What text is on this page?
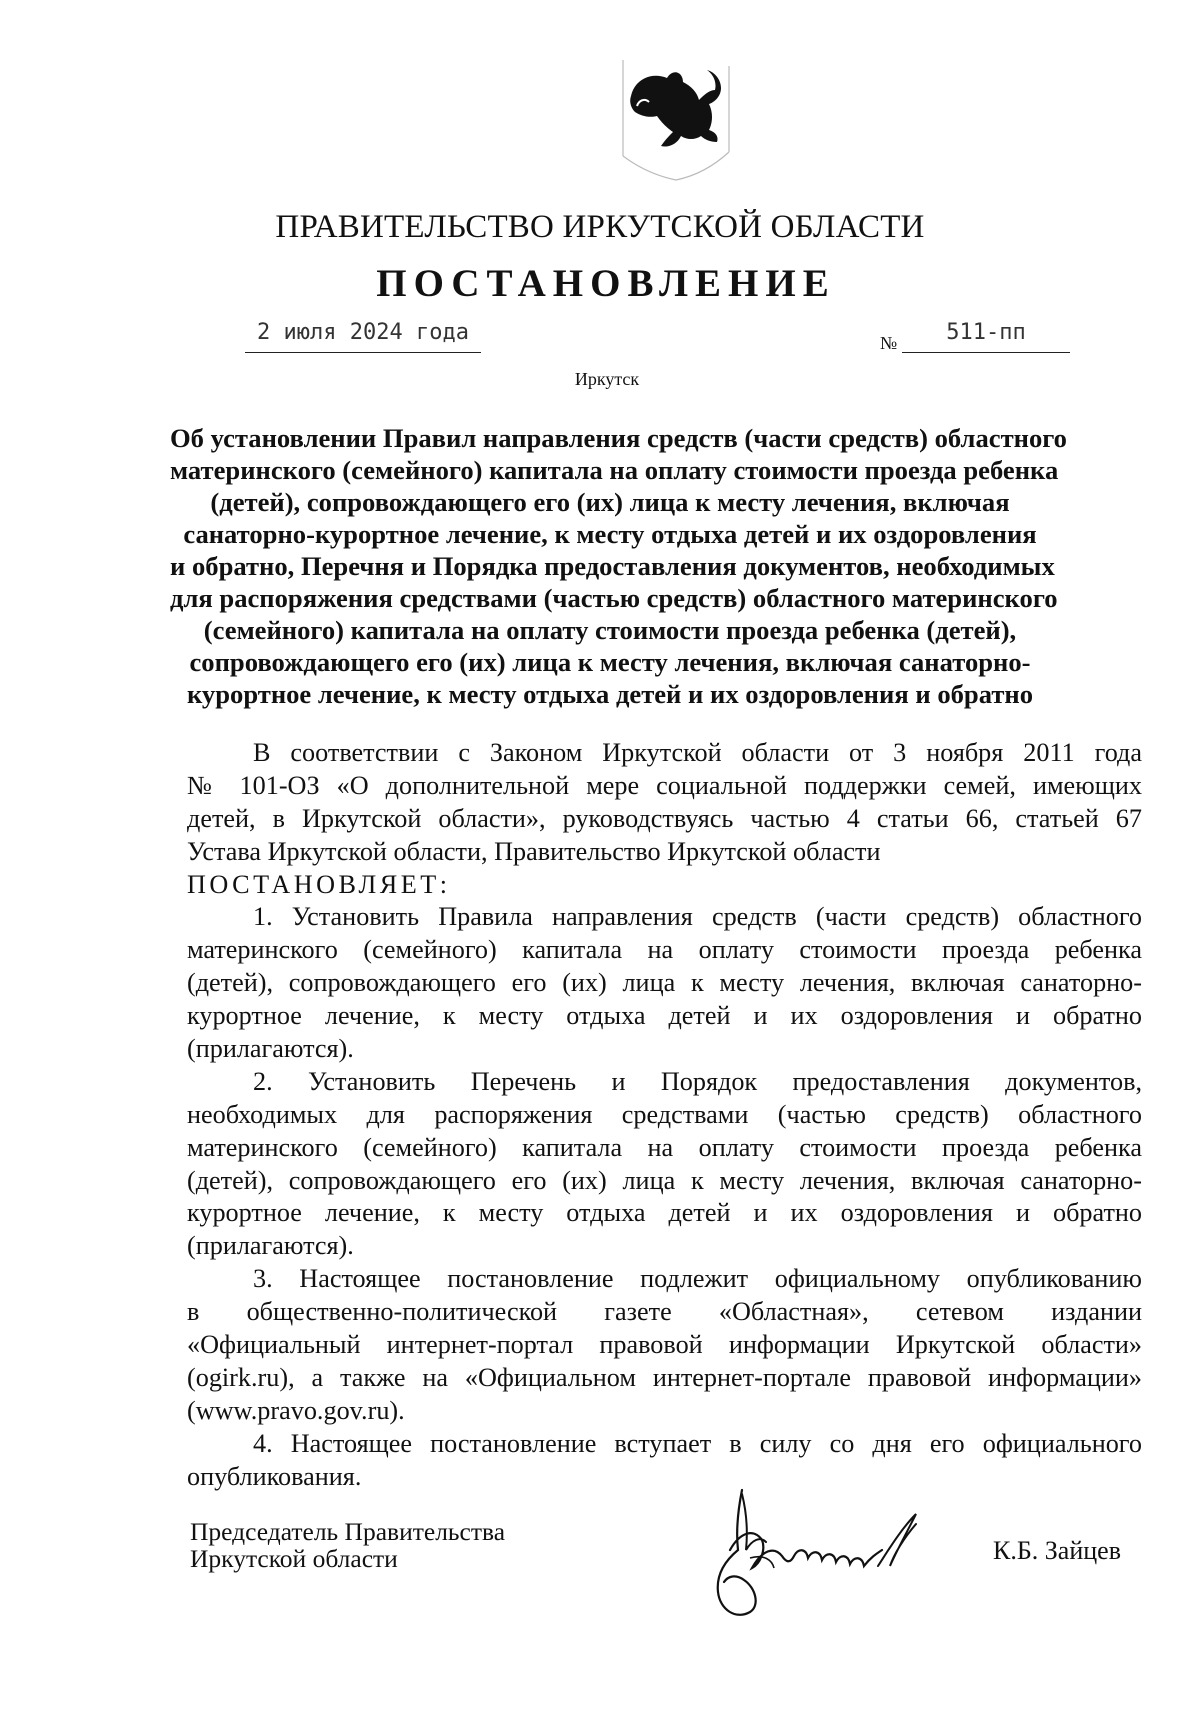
ПРАВИТЕЛЬСТВО ИРКУТСКОЙ ОБЛАСТИ
ПОСТАНОВЛЕНИЕ
2 июля 2024 года	№	511-пп
Иркутск
Об установлении Правил направления средств (части средств) областного
материнского (семейного) капитала на оплату стоимости проезда ребенка
(детей), сопровождающего его (их) лица к месту лечения, включая
санаторно-курортное лечение, к месту отдыха детей и их оздоровления
и обратно, Перечня и Порядка предоставления документов, необходимых
для распоряжения средствами (частью средств) областного материнского
(семейного) капитала на оплату стоимости проезда ребенка (детей),
сопровождающего его (их) лица к месту лечения, включая санаторно-
курортное лечение, к месту отдыха детей и их оздоровления и обратно
В соответствии с Законом Иркутской области от 3 ноября 2011 года
№ 101-ОЗ «О дополнительной мере социальной поддержки семей, имеющих
детей, в Иркутской области», руководствуясь частью 4 статьи 66, статьей 67
Устава Иркутской области, Правительство Иркутской области
ПОСТАНОВЛЯЕТ:
1. Установить Правила направления средств (части средств) областного
материнского (семейного) капитала на оплату стоимости проезда ребенка
(детей), сопровождающего его (их) лица к месту лечения, включая санаторно-
курортное лечение, к месту отдыха детей и их оздоровления и обратно
(прилагаются).
2. Установить Перечень и Порядок предоставления документов,
необходимых для распоряжения средствами (частью средств) областного
материнского (семейного) капитала на оплату стоимости проезда ребенка
(детей), сопровождающего его (их) лица к месту лечения, включая санаторно-
курортное лечение, к месту отдыха детей и их оздоровления и обратно
(прилагаются).
3. Настоящее постановление подлежит официальному опубликованию
в общественно-политической газете «Областная», сетевом издании
«Официальный интернет-портал правовой информации Иркутской области»
(ogirk.ru), а также на «Официальном интернет-портале правовой информации»
(www.pravo.gov.ru).
4. Настоящее постановление вступает в силу со дня его официального
опубликования.
Председатель Правительства
Иркутской области	К.Б. Зайцев
